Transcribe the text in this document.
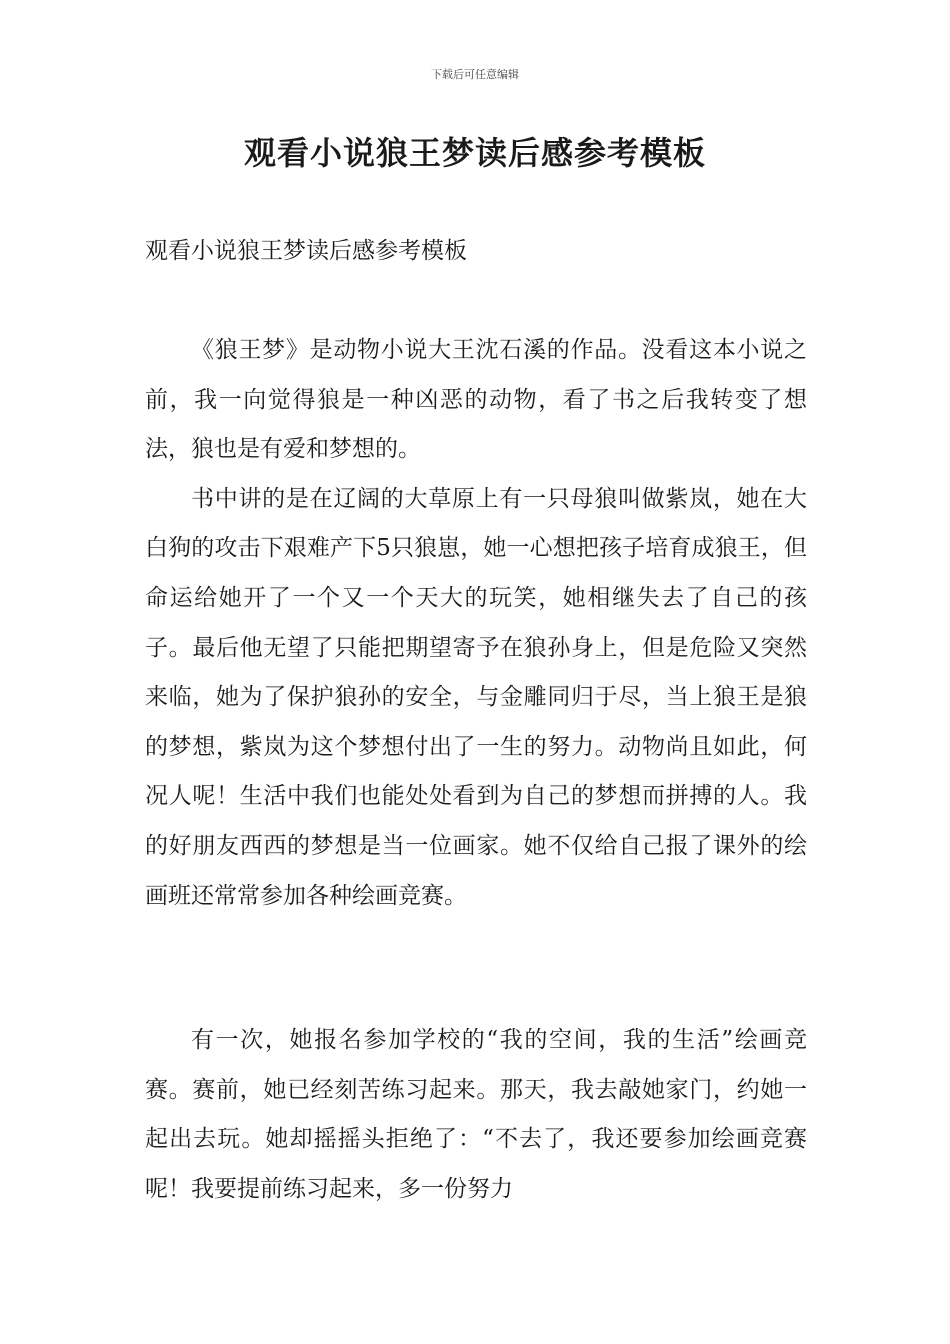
下载后可任意编辑
观看小说狼王梦读后感参考模板
观看小说狼王梦读后感参考模板

《狼王梦》是动物小说大王沈石溪的作品。没看这本小说之前，我一向觉得狼是一种凶恶的动物，看了书之后我转变了想法，狼也是有爱和梦想的。

书中讲的是在辽阔的大草原上有一只母狼叫做紫岚，她在大白狗的攻击下艰难产下5只狼崽，她一心想把孩子培育成狼王，但命运给她开了一个又一个天大的玩笑，她相继失去了自己的孩子。最后他无望了只能把期望寄予在狼孙身上，但是危险又突然来临，她为了保护狼孙的安全，与金雕同归于尽，当上狼王是狼的梦想，紫岚为这个梦想付出了一生的努力。动物尚且如此，何况人呢！生活中我们也能处处看到为自己的梦想而拼搏的人。我的好朋友西西的梦想是当一位画家。她不仅给自己报了课外的绘画班还常常参加各种绘画竞赛。

有一次，她报名参加学校的“我的空间，我的生活”绘画竞赛。赛前，她已经刻苦练习起来。那天，我去敲她家门，约她一起出去玩。她却摇摇头拒绝了：“不去了，我还要参加绘画竞赛呢！我要提前练习起来，多一份努力
